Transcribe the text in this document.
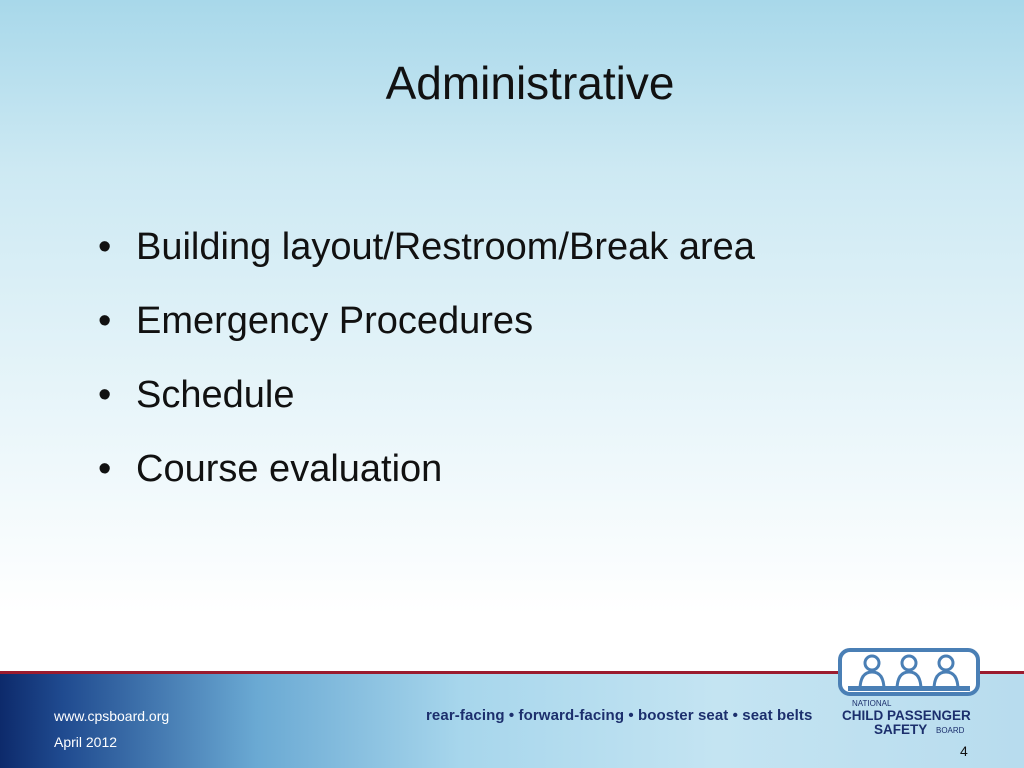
Administrative
• Building layout/Restroom/Break area
• Emergency Procedures
• Schedule
• Course evaluation
www.cpsboard.org
April 2012
rear-facing • forward-facing • booster seat • seat belts
NATIONAL
CHILD PASSENGER
SAFETY BOARD
4
